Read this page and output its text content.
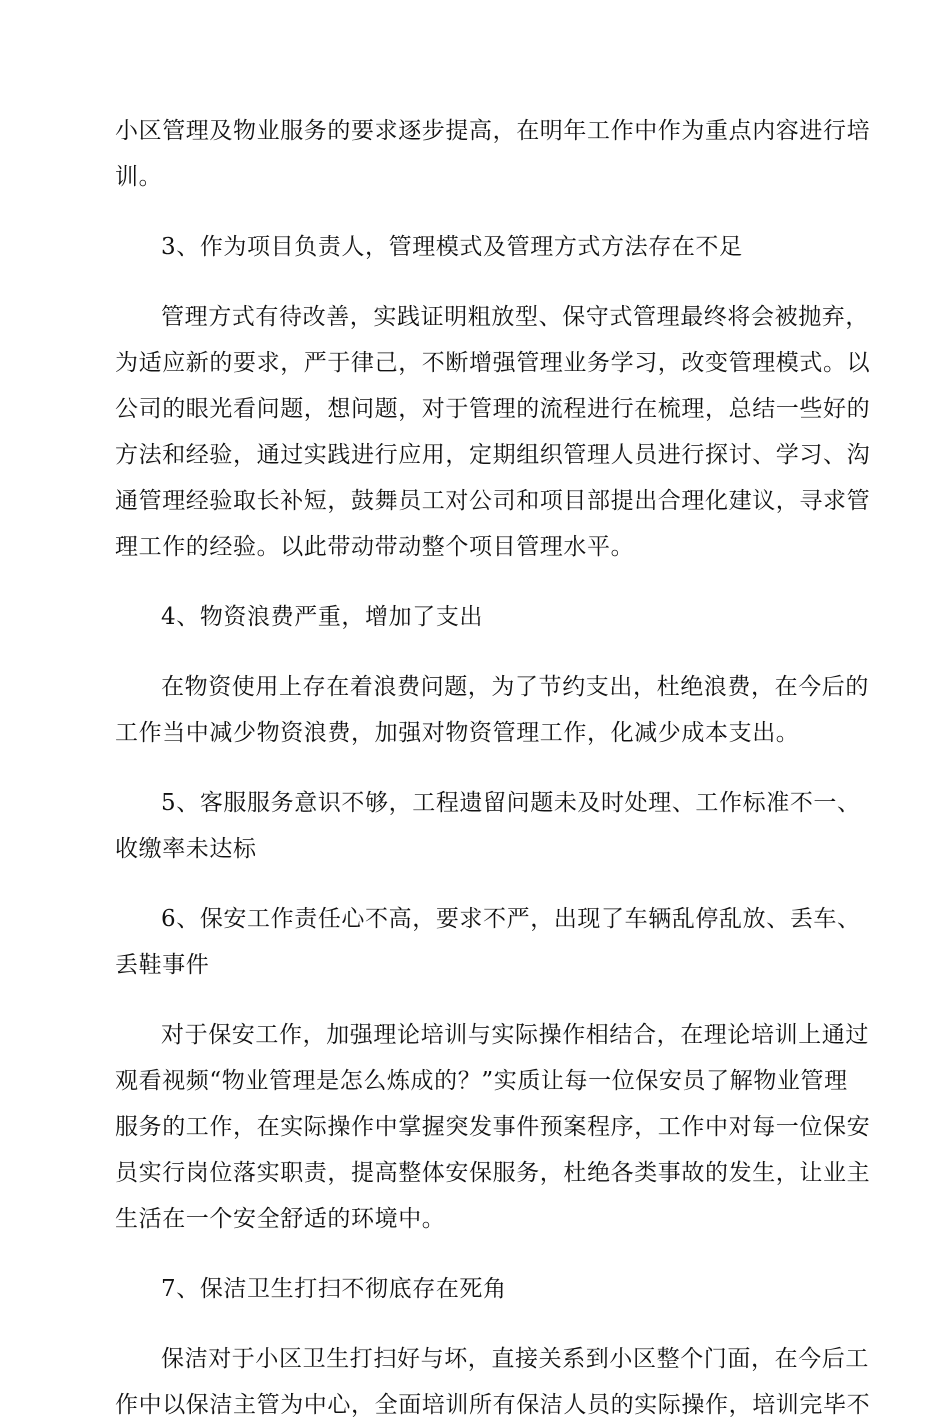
小区管理及物业服务的要求逐步提高，在明年工作中作为重点内容进行培
训。
3、作为项目负责人，管理模式及管理方式方法存在不足
管理方式有待改善，实践证明粗放型、保守式管理最终将会被抛弃，
为适应新的要求，严于律己，不断增强管理业务学习，改变管理模式。以
公司的眼光看问题，想问题，对于管理的流程进行在梳理，总结一些好的
方法和经验，通过实践进行应用，定期组织管理人员进行探讨、学习、沟
通管理经验取长补短，鼓舞员工对公司和项目部提出合理化建议，寻求管
理工作的经验。以此带动带动整个项目管理水平。
4、物资浪费严重，增加了支出
在物资使用上存在着浪费问题，为了节约支出，杜绝浪费，在今后的
工作当中减少物资浪费，加强对物资管理工作，化减少成本支出。
5、客服服务意识不够，工程遗留问题未及时处理、工作标准不一、
收缴率未达标
6、保安工作责任心不高，要求不严，出现了车辆乱停乱放、丢车、
丢鞋事件
对于保安工作，加强理论培训与实际操作相结合，在理论培训上通过
观看视频“物业管理是怎么炼成的？”实质让每一位保安员了解物业管理
服务的工作，在实际操作中掌握突发事件预案程序，工作中对每一位保安
员实行岗位落实职责，提高整体安保服务，杜绝各类事故的发生，让业主
生活在一个安全舒适的环境中。
7、保洁卫生打扫不彻底存在死角
保洁对于小区卫生打扫好与坏，直接关系到小区整个门面，在今后工
作中以保洁主管为中心，全面培训所有保洁人员的实际操作，培训完毕不
